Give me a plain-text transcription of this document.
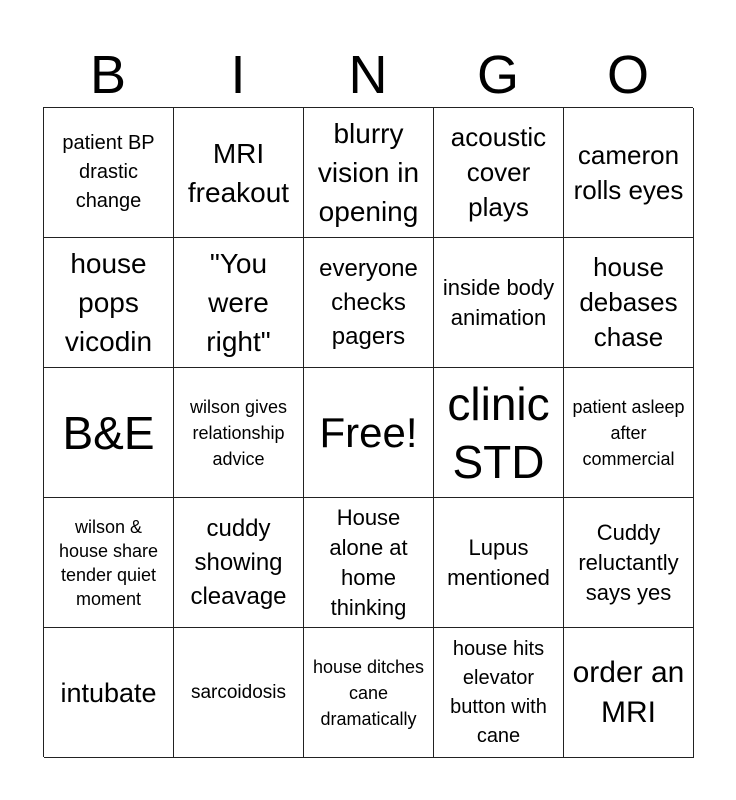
B	I	N	G	O
patient BP drastic change
MRI freakout
blurry vision in opening
acoustic cover plays
cameron rolls eyes
house pops vicodin
"You were right"
everyone checks pagers
inside body animation
house debases chase
B&E	wilson gives relationship advice
Free!
clinic STD
patient asleep after commercial
wilson & house share tender quiet moment
cuddy showing cleavage
House alone at home thinking
Lupus mentioned
Cuddy reluctantly says yes
intubate	sarcoidosis
house ditches cane dramatically
house hits elevator button with cane
order an MRI
